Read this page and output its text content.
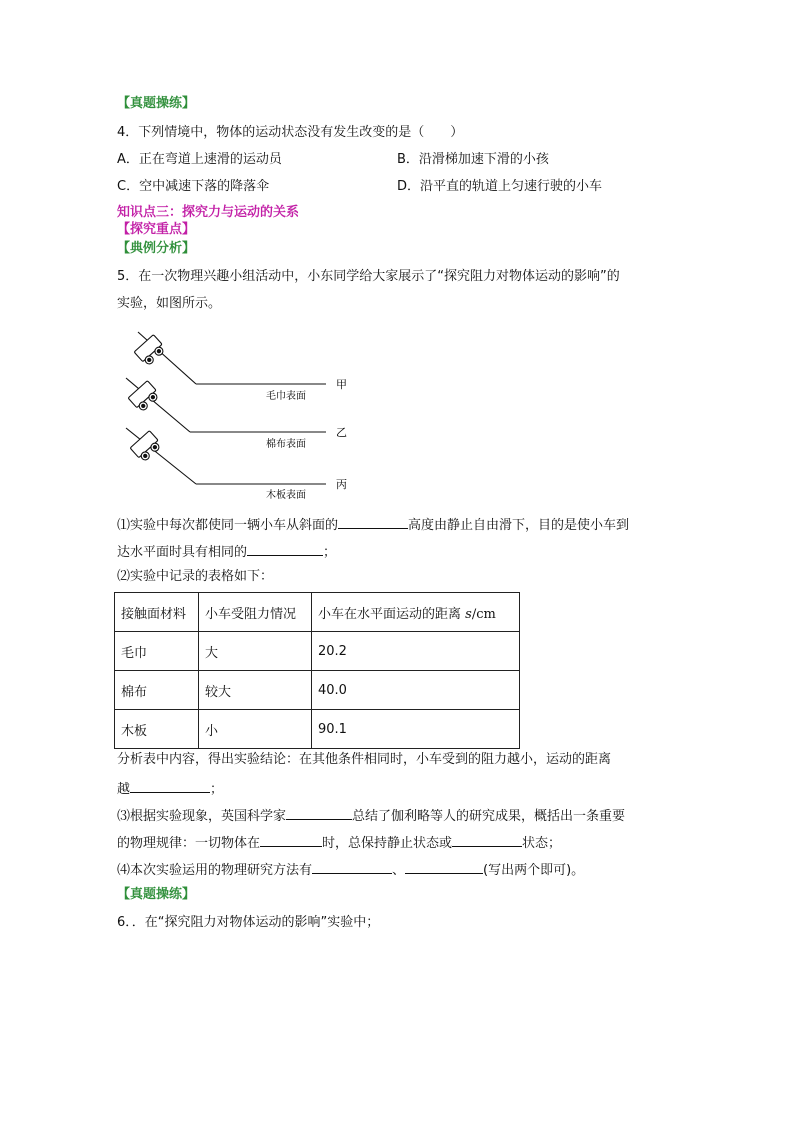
【真题操练】
4．下列情境中，物体的运动状态没有发生改变的是（　　）
A．正在弯道上速滑的运动员	B．沿滑梯加速下滑的小孩
C．空中减速下落的降落伞	D．沿平直的轨道上匀速行驶的小车
知识点三：探究力与运动的关系
【探究重点】
【典例分析】
5．在一次物理兴趣小组活动中，小东同学给大家展示了“探究阻力对物体运动的影响”的
实验，如图所示。
毛巾表面
甲
棉布表面
乙
木板表面
丙
⑴实验中每次都使同一辆小车从斜面的	高度由静止自由滑下，目的是使小车到
达水平面时具有相同的	；
⑵实验中记录的表格如下：
接触面材料	小车受阻力情况	小车在水平面运动的距离 s/cm
毛巾	大	20.2
棉布	较大	40.0
木板	小	90.1
分析表中内容，得出实验结论：在其他条件相同时，小车受到的阻力越小，运动的距离
越	；
⑶根据实验现象，英国科学家	总结了伽利略等人的研究成果，概括出一条重要
的物理规律：一切物体在	时，总保持静止状态或	状态；
⑷本次实验运用的物理研究方法有	、	(写出两个即可)。
【真题操练】
6．．在“探究阻力对物体运动的影响”实验中；
